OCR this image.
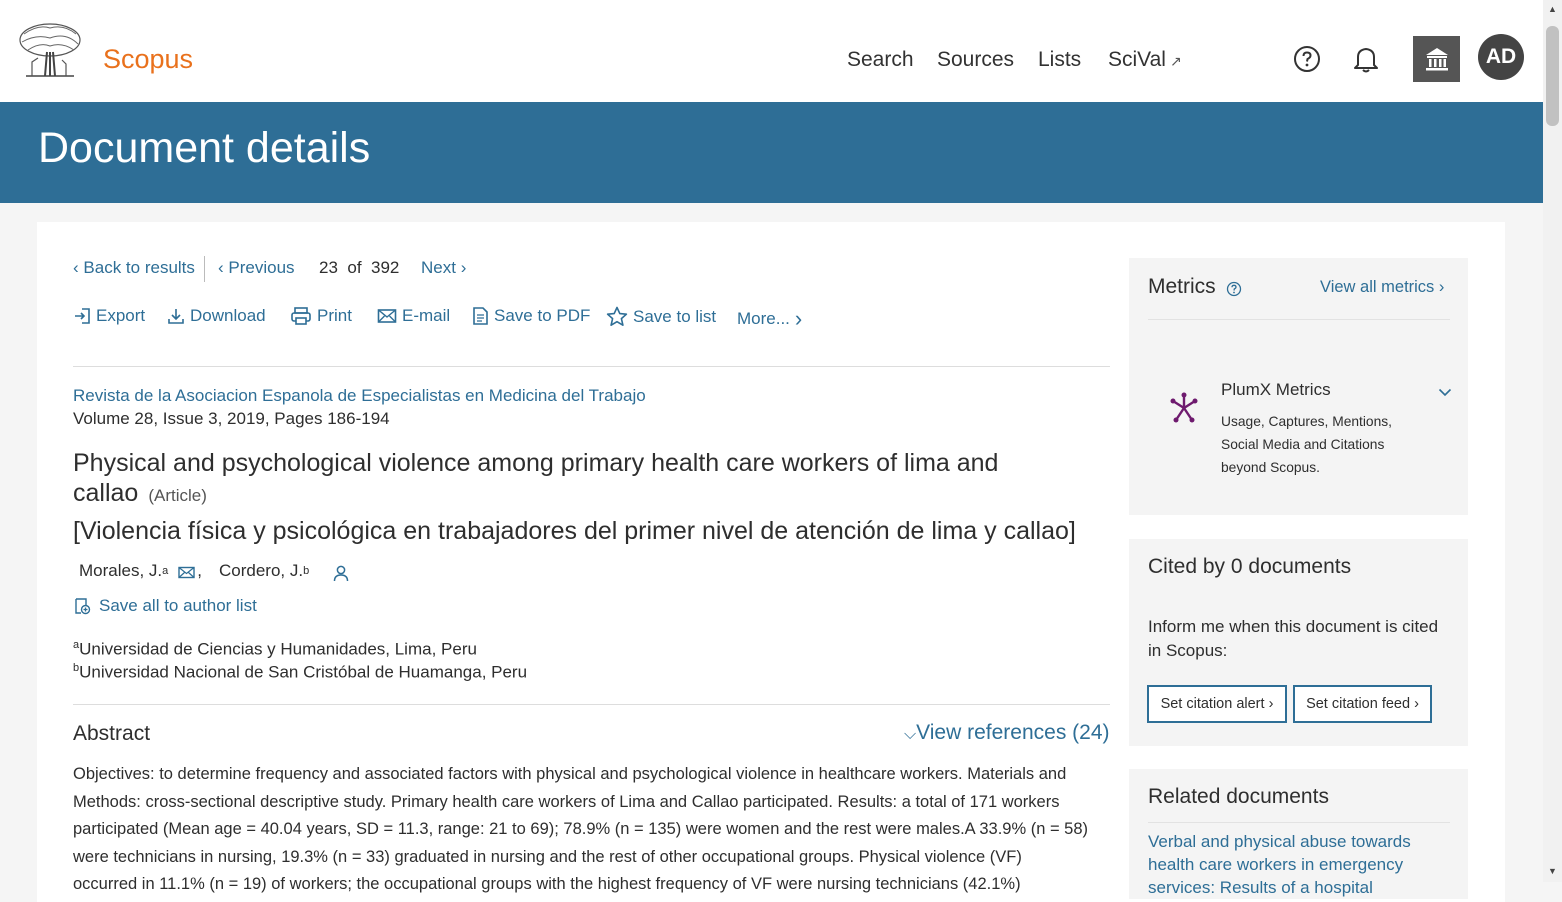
Scopus	Search Sources Lists SciVal ↗	AD
Document details
‹ Back to results ‹ Previous 23 of 392 Next ›
Export	Download	Print	E-mail	Save to PDF	Save to list More... ›
Revista de la Asociacion Espanola de Especialistas en Medicina del Trabajo
Volume 28, Issue 3, 2019, Pages 186-194
Physical and psychological violence among primary health care workers of lima and callao (Article)
[Violencia física y psicológica en trabajadores del primer nivel de atención de lima y callao]
Morales, J. a , Cordero, J. b
Save all to author list
$^a$Universidad de Ciencias y Humanidades, Lima, Peru
$^b$Universidad Nacional de San Cristóbal de Huamanga, Peru
Abstract	⌵View references (24)
Objectives: to determine frequency and associated factors with physical and psychological violence in healthcare workers. Materials and
Methods: cross-sectional descriptive study. Primary health care workers of Lima and Callao participated. Results: a total of 171 workers
participated (Mean age = 40.04 years, SD = 11.3, range: 21 to 69); 78.9% (n = 135) were women and the rest were males.A 33.9% (n = 58)
were technicians in nursing, 19.3% (n = 33) graduated in nursing and the rest of other occupational groups. Physical violence (VF)
occurred in 11.1% (n = 19) of workers; the occupational groups with the highest frequency of VF were nursing technicians (42.1%)
Metrics	View all metrics ›
PlumX Metrics
Usage, Captures, Mentions,
Social Media and Citations
beyond Scopus.
Cited by 0 documents
Inform me when this document is cited
in Scopus:
Set citation alert
› Set citation feed
›
Related documents
Verbal and physical abuse towards
health care workers in emergency
services: Results of a hospital
▲
▼
